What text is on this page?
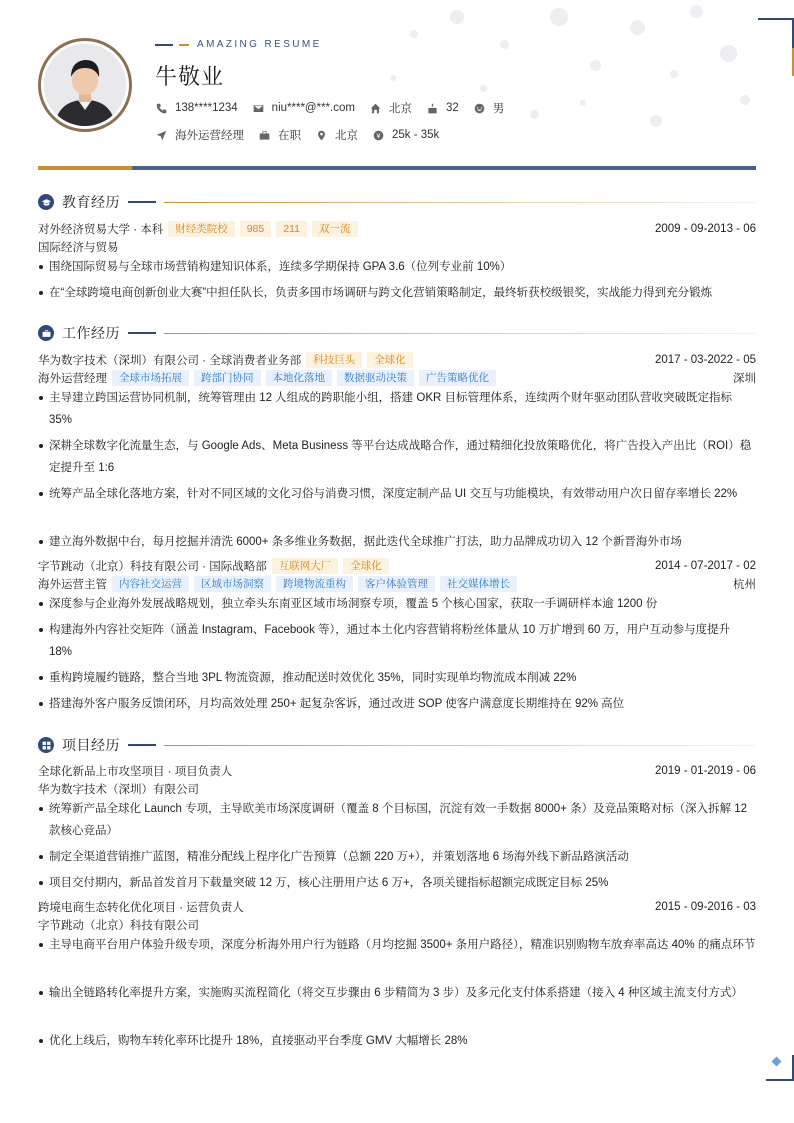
AMAZING RESUME
牛敬业
138****1234	niu****@***.com	北京	32	男
海外运营经理	在职	北京	25k - 35k
教育经历
对外经济贸易大学 · 本科	财经类院校	985	211	双一流	2009 - 09-2013 - 06
国际经济与贸易
围绕国际贸易与全球市场营销构建知识体系，连续多学期保持 GPA 3.6（位列专业前 10%）
在“全球跨境电商创新创业大赛”中担任队长，负责多国市场调研与跨文化营销策略制定，最终斩获校级银奖，实战能力得到充分锻炼
工作经历
华为数字技术（深圳）有限公司 · 全球消费者业务部	科技巨头	全球化	2017 - 03-2022 - 05
海外运营经理	全球市场拓展	跨部门协同	本地化落地	数据驱动决策	广告策略优化	深圳
主导建立跨国运营协同机制，统筹管理由 12 人组成的跨职能小组，搭建 OKR 目标管理体系，连续两个财年驱动团队营收突破既定指标 35%
深耕全球数字化流量生态，与 Google Ads、Meta Business 等平台达成战略合作，通过精细化投放策略优化，将广告投入产出比（ROI）稳定提升至 1:6
统筹产品全球化落地方案，针对不同区域的文化习俗与消费习惯，深度定制产品 UI 交互与功能模块，有效带动用户次日留存率增长 22%
建立海外数据中台，每月挖掘并清洗 6000+ 条多维业务数据，据此迭代全球推广打法，助力品牌成功切入 12 个新晋海外市场
字节跳动（北京）科技有限公司 · 国际战略部	互联网大厂	全球化	2014 - 07-2017 - 02
海外运营主管	内容社交运营	区域市场洞察	跨境物流重构	客户体验管理	社交媒体增长	杭州
深度参与企业海外发展战略规划，独立牵头东南亚区域市场洞察专项，覆盖 5 个核心国家，获取一手调研样本逾 1200 份
构建海外内容社交矩阵（涵盖 Instagram、Facebook 等），通过本土化内容营销将粉丝体量从 10 万扩增到 60 万，用户互动参与度提升 18%
重构跨境履约链路，整合当地 3PL 物流资源，推动配送时效优化 35%，同时实现单均物流成本削减 22%
搭建海外客户服务反馈闭环，月均高效处理 250+ 起复杂客诉，通过改进 SOP 使客户满意度长期维持在 92% 高位
项目经历
全球化新品上市攻坚项目 · 项目负责人	2019 - 01-2019 - 06
华为数字技术（深圳）有限公司
统筹新产品全球化 Launch 专项，主导欧美市场深度调研（覆盖 8 个目标国，沉淀有效一手数据 8000+ 条）及竞品策略对标（深入拆解 12 款核心竞品）
制定全渠道营销推广蓝图，精准分配线上程序化广告预算（总额 220 万+），并策划落地 6 场海外线下新品路演活动
项目交付期内，新品首发首月下载量突破 12 万，核心注册用户达 6 万+，各项关键指标超额完成既定目标 25%
跨境电商生态转化优化项目 · 运营负责人	2015 - 09-2016 - 03
字节跳动（北京）科技有限公司
主导电商平台用户体验升级专项，深度分析海外用户行为链路（月均挖掘 3500+ 条用户路径），精准识别购物车放弃率高达 40% 的痛点环节
输出全链路转化率提升方案，实施购买流程简化（将交互步骤由 6 步精简为 3 步）及多元化支付体系搭建（接入 4 种区域主流支付方式）
优化上线后，购物车转化率环比提升 18%，直接驱动平台季度 GMV 大幅增长 28%
